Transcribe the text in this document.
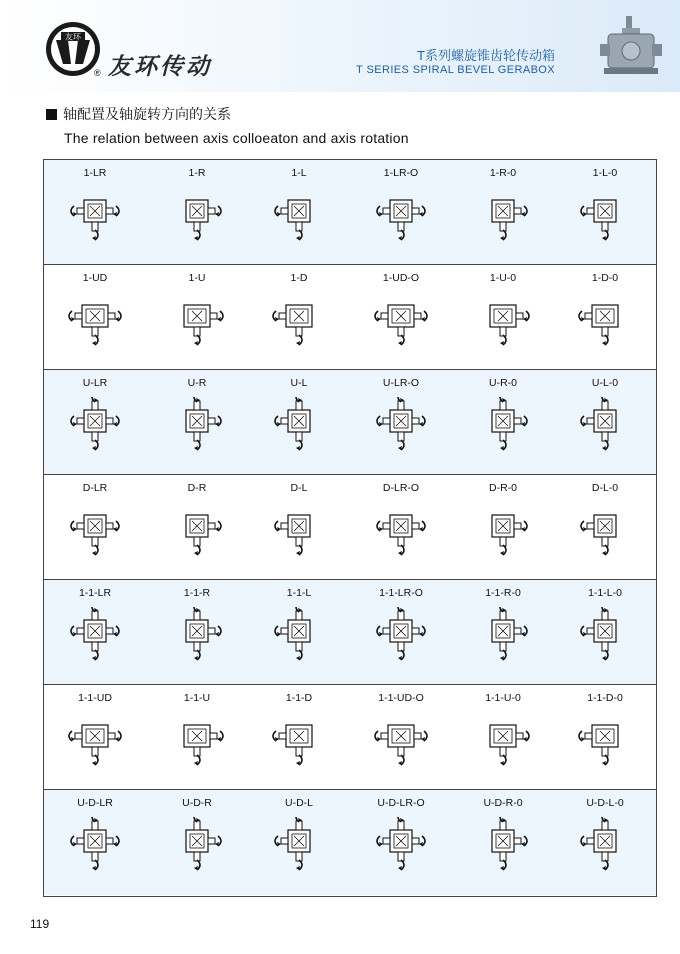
友环
® 友环传动	T系列螺旋锥齿轮传动箱
T SERIES SPIRAL BEVEL GERABOX
轴配置及轴旋转方向的关系
The relation between axis colloeaton and axis rotation
1-LR	1-R	1-L	1-LR-O	1-R-0	1-L-0
1-UD	1-U	1-D	1-UD-O	1-U-0	1-D-0
U-LR	U-R	U-L	U-LR-O	U-R-0	U-L-0
D-LR	D-R	D-L	D-LR-O	D-R-0	D-L-0
1-1-LR	1-1-R	1-1-L	1-1-LR-O	1-1-R-0	1-1-L-0
1-1-UD	1-1-U	1-1-D	1-1-UD-O	1-1-U-0	1-1-D-0
U-D-LR	U-D-R	U-D-L	U-D-LR-O	U-D-R-0	U-D-L-0
119
